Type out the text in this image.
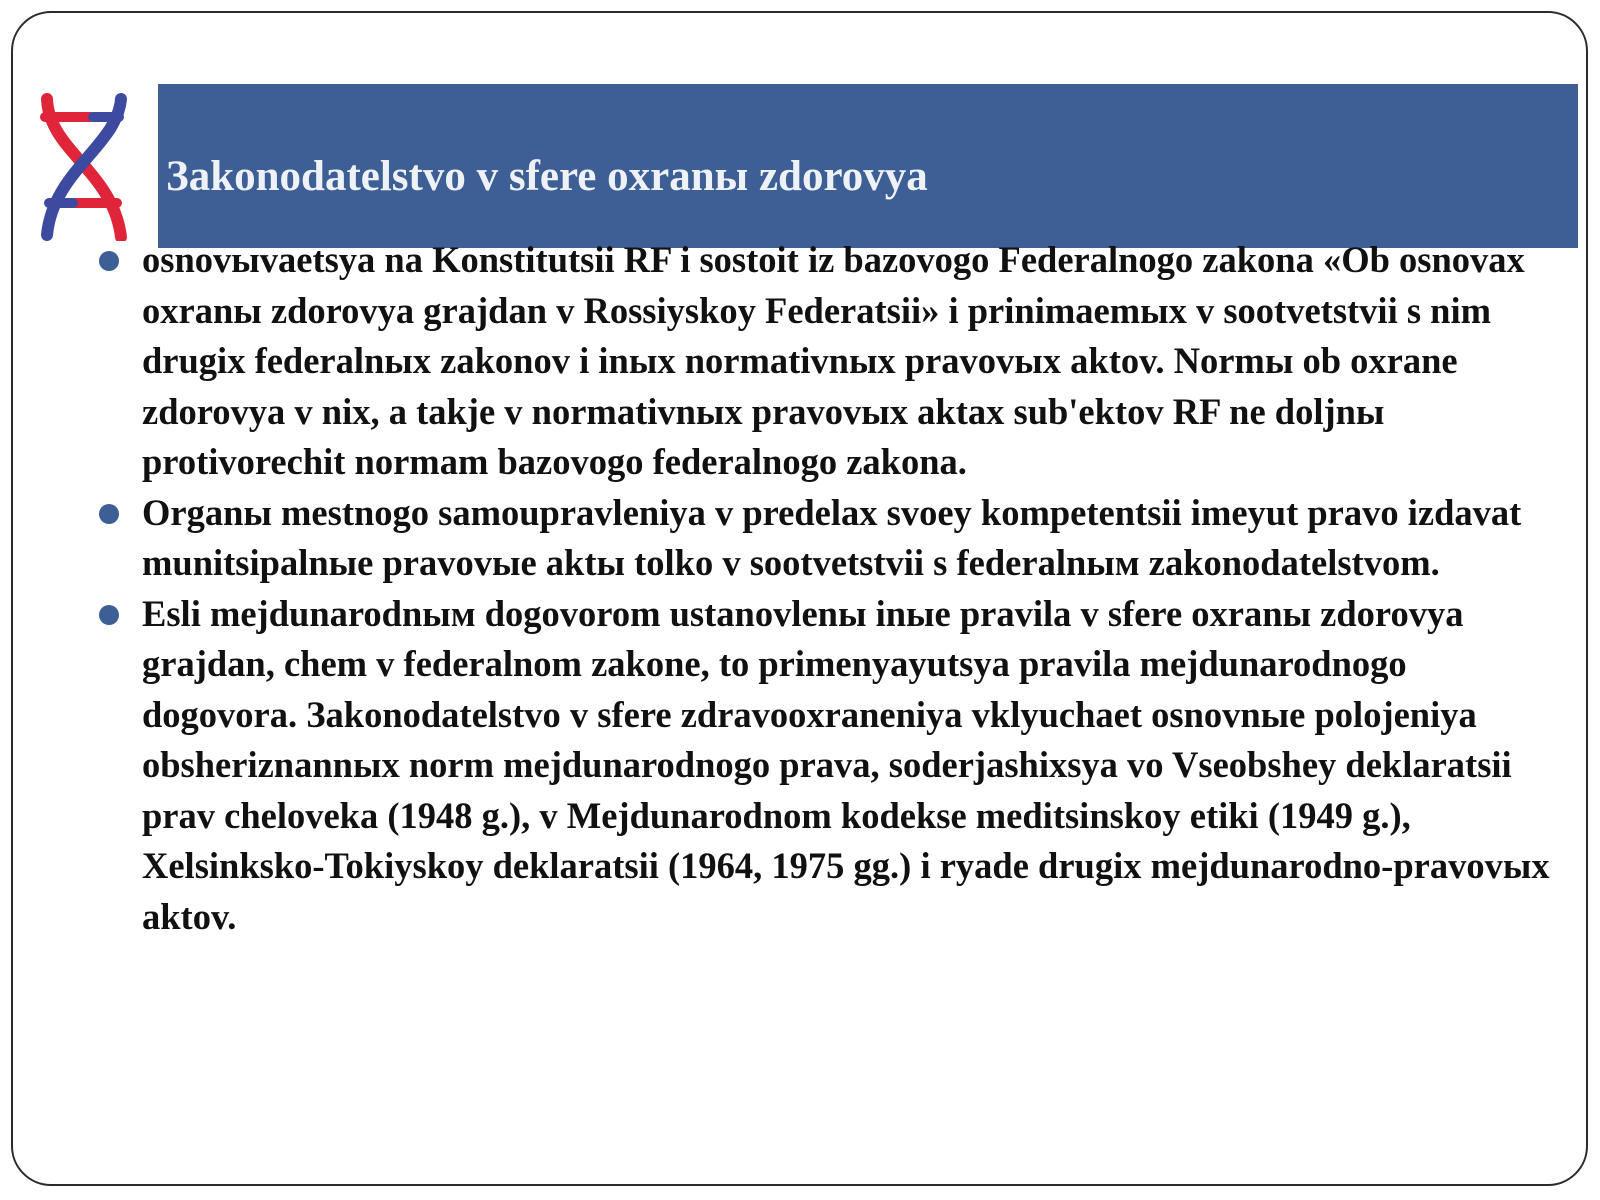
Заkonodatelstvo v sfere oxranы zdorovya
osnovыvaetsya na Konstitutsii RF i sostoit iz bazovogo Federalnogo zakona «Ob osnovax oxranы zdorovya grajdan v Rossiyskoy Federatsii» i prinimaemых v sootvetstvii s nim drugix federalnых zakonov i inых normativnых pravovых aktov. Normы ob oxrane zdorovya v nix, a takje v normativnых pravovых aktax sub'ektov RF ne doljnы protivorechit normam bazovogo federalnogo zakona.
Organы mestnogo samoupravleniya v predelax svoey kompetentsii imeyut pravo izdavat munitsipalnые pravovыe aktы tolko v sootvetstvii s federalnым zakonodatelstvom.
Esli mejdunarodnым dogovorom ustanovlenы inыe pravila v sfere oxranы zdorovya grajdan, chem v federalnom zakone, to primenyayutsya pravila mejdunarodnogo dogovora. Заkonodatelstvo v sfere zdravooxraneniya vklyuchaet osnovnыe polojeniya obsheriznannых norm mejdunarodnogo prava, soderjashixsya vo Vseobshey deklaratsii prav cheloveka (1948 g.), v Mejdunarodnom kodekse meditsinskoy etiki (1949 g.), Xelsinksko-Tokiyskoy deklaratsii (1964, 1975 gg.) i ryade drugix mejdunarodno-pravovых aktov.
